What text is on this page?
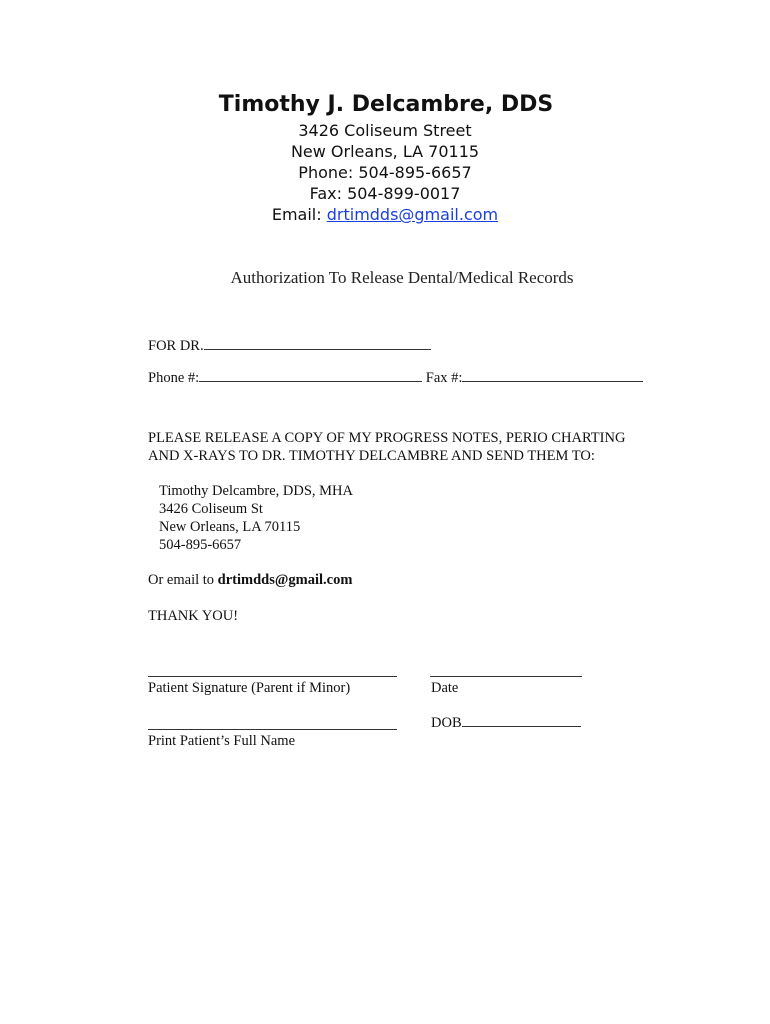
Timothy J. Delcambre, DDS
3426 Coliseum Street
New Orleans, LA 70115
Phone: 504-895-6657
Fax: 504-899-0017
Email: drtimdds@gmail.com
Authorization To Release Dental/Medical Records
FOR DR.
Phone #:	Fax #:
PLEASE RELEASE A COPY OF MY PROGRESS NOTES, PERIO CHARTING
AND X-RAYS TO DR. TIMOTHY DELCAMBRE AND SEND THEM TO:
Timothy Delcambre, DDS, MHA
3426 Coliseum St
New Orleans, LA 70115
504-895-6657
Or email to drtimdds@gmail.com
THANK YOU!
Patient Signature (Parent if Minor)	Date
DOB
Print Patient’s Full Name
